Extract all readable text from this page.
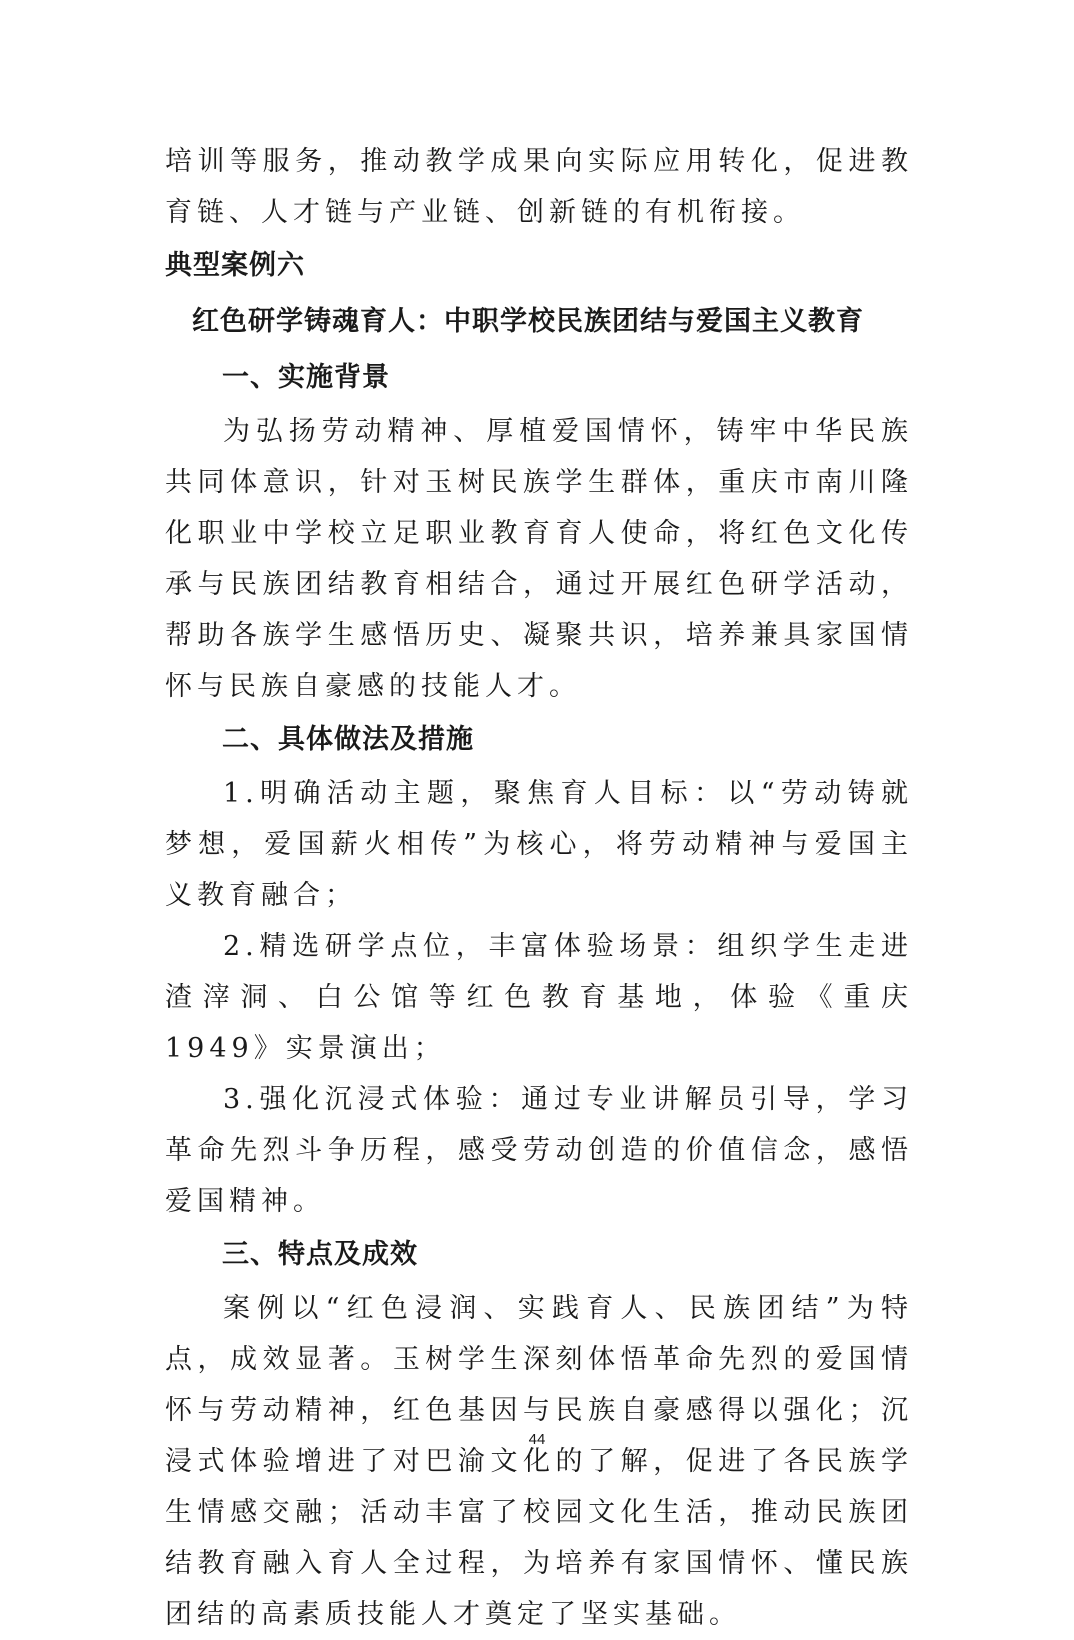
培训等服务，推动教学成果向实际应用转化，促进教育链、人才链与产业链、创新链的有机衔接。

典型案例六

红色研学铸魂育人：中职学校民族团结与爱国主义教育

一、实施背景

为弘扬劳动精神、厚植爱国情怀，铸牢中华民族共同体意识，针对玉树民族学生群体，重庆市南川隆化职业中学校立足职业教育育人使命，将红色文化传承与民族团结教育相结合，通过开展红色研学活动，帮助各族学生感悟历史、凝聚共识，培养兼具家国情怀与民族自豪感的技能人才。

二、具体做法及措施

1.明确活动主题，聚焦育人目标：以“劳动铸就梦想，爱国薪火相传”为核心，将劳动精神与爱国主义教育融合；

2.精选研学点位，丰富体验场景：组织学生走进渣滓洞、白公馆等红色教育基地，体验《重庆 1949》实景演出；

3.强化沉浸式体验：通过专业讲解员引导，学习革命先烈斗争历程，感受劳动创造的价值信念，感悟爱国精神。

三、特点及成效

案例以“红色浸润、实践育人、民族团结”为特点，成效显著。玉树学生深刻体悟革命先烈的爱国情怀与劳动精神，红色基因与民族自豪感得以强化；沉浸式体验增进了对巴渝文化的了解，促进了各民族学生情感交融；活动丰富了校园文化生活，推动民族团结教育融入育人全过程，为培养有家国情怀、懂民族团结的高素质技能人才奠定了坚实基础。

44
